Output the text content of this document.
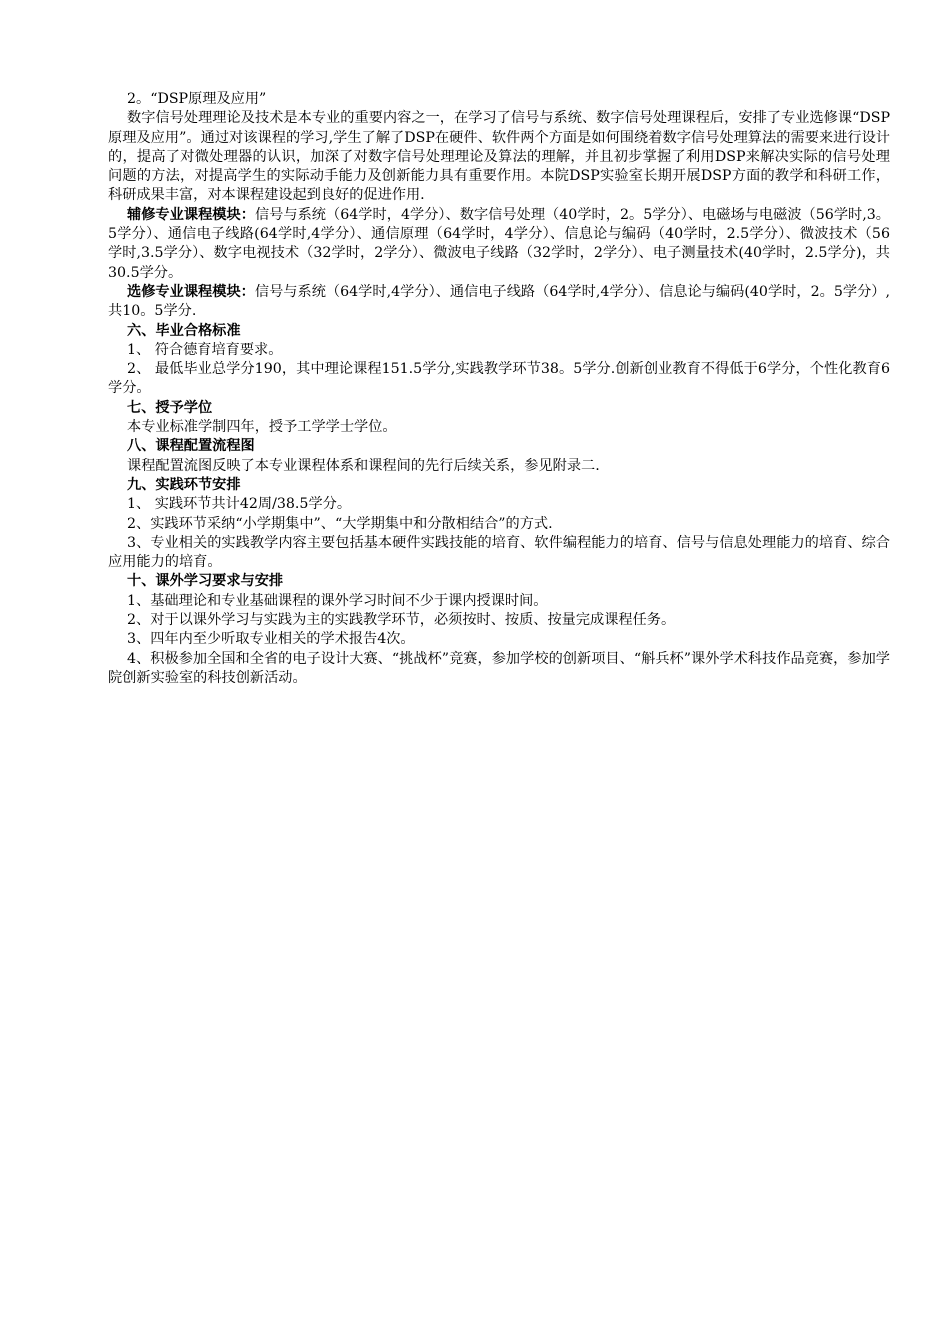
2。“DSP原理及应用”

数字信号处理理论及技术是本专业的重要内容之一，在学习了信号与系统、数字信号处理课程后，安排了专业选修课“DSP原理及应用”。通过对该课程的学习,学生了解了DSP在硬件、软件两个方面是如何围绕着数字信号处理算法的需要来进行设计的，提高了对微处理器的认识，加深了对数字信号处理理论及算法的理解，并且初步掌握了利用DSP来解决实际的信号处理问题的方法，对提高学生的实际动手能力及创新能力具有重要作用。本院DSP实验室长期开展DSP方面的教学和科研工作，科研成果丰富，对本课程建设起到良好的促进作用.

辅修专业课程模块：信号与系统（64学时，4学分）、数字信号处理（40学时，2。5学分）、电磁场与电磁波（56学时,3。5学分）、通信电子线路(64学时,4学分）、通信原理（64学时，4学分）、信息论与编码（40学时，2.5学分）、微波技术（56学时,3.5学分）、数字电视技术（32学时，2学分）、微波电子线路（32学时，2学分）、电子测量技术(40学时，2.5学分)，共30.5学分。

选修专业课程模块：信号与系统（64学时,4学分）、通信电子线路（64学时,4学分）、信息论与编码(40学时，2。5学分）,共10。5学分.

六、毕业合格标准

1、 符合德育培育要求。

2、 最低毕业总学分190，其中理论课程151.5学分,实践教学环节38。5学分.创新创业教育不得低于6学分，个性化教育6学分。

七、授予学位

本专业标准学制四年，授予工学学士学位。

八、课程配置流程图

课程配置流图反映了本专业课程体系和课程间的先行后续关系，参见附录二.

九、实践环节安排

1、 实践环节共计42周/38.5学分。

2、实践环节采纳“小学期集中”、“大学期集中和分散相结合”的方式.

3、专业相关的实践教学内容主要包括基本硬件实践技能的培育、软件编程能力的培育、信号与信息处理能力的培育、综合应用能力的培育。

十、课外学习要求与安排

1、基础理论和专业基础课程的课外学习时间不少于课内授课时间。

2、对于以课外学习与实践为主的实践教学环节，必须按时、按质、按量完成课程任务。

3、四年内至少听取专业相关的学术报告4次。

4、积极参加全国和全省的电子设计大赛、“挑战杯”竞赛，参加学校的创新项目、“斛兵杯”课外学术科技作品竞赛，参加学院创新实验室的科技创新活动。
